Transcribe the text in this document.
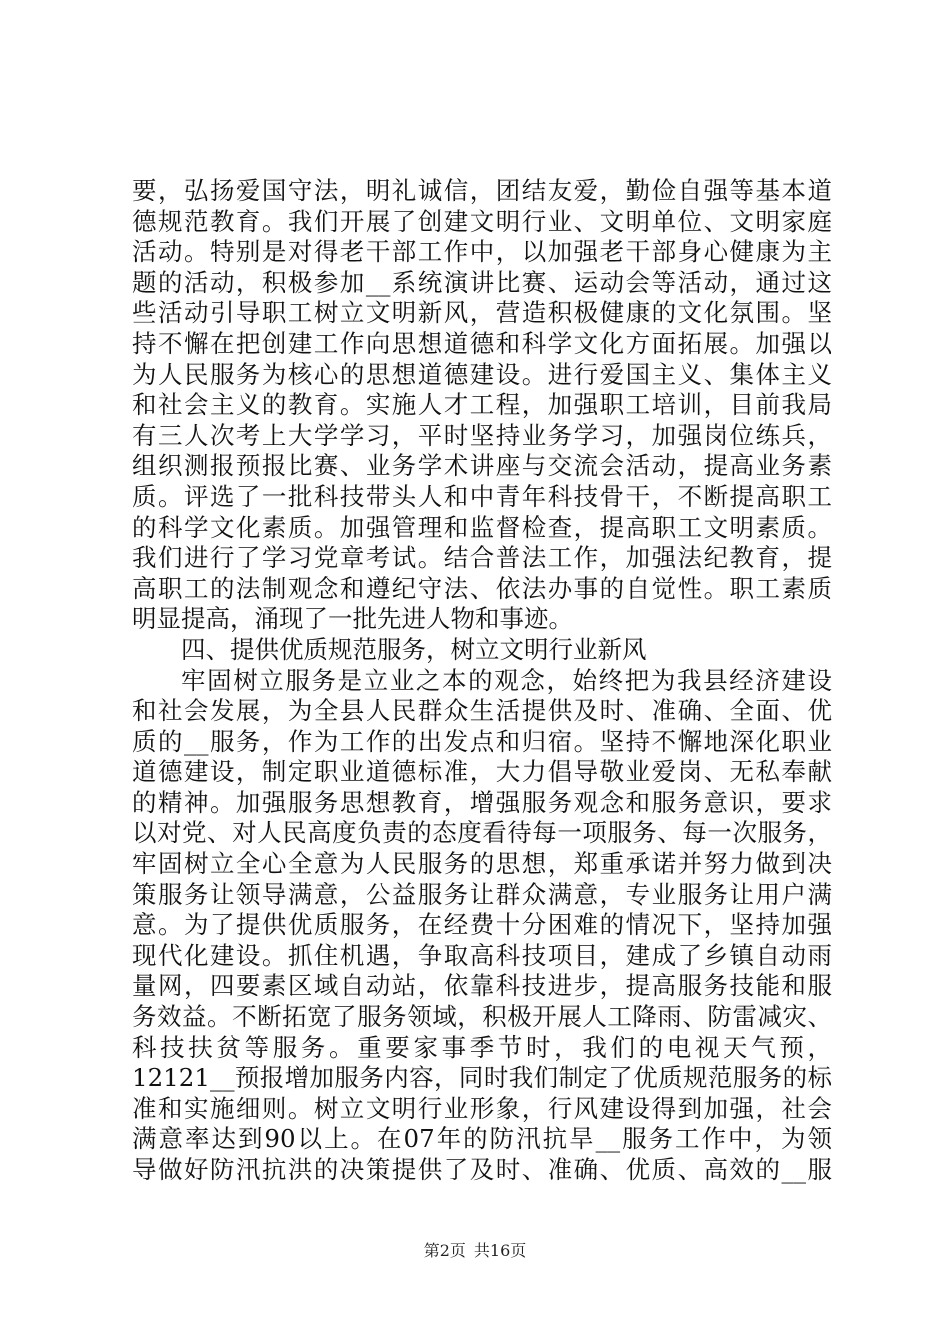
要，弘扬爱国守法，明礼诚信，团结友爱，勤俭自强等基本道
德规范教育。我们开展了创建文明行业、文明单位、文明家庭
活动。特别是对得老干部工作中，以加强老干部身心健康为主
题的活动，积极参加__系统演讲比赛、运动会等活动，通过这
些活动引导职工树立文明新风，营造积极健康的文化氛围。坚
持不懈在把创建工作向思想道德和科学文化方面拓展。加强以
为人民服务为核心的思想道德建设。进行爱国主义、集体主义
和社会主义的教育。实施人才工程，加强职工培训，目前我局
有三人次考上大学学习，平时坚持业务学习，加强岗位练兵，
组织测报预报比赛、业务学术讲座与交流会活动，提高业务素
质。评选了一批科技带头人和中青年科技骨干，不断提高职工
的科学文化素质。加强管理和监督检查，提高职工文明素质。
我们进行了学习党章考试。结合普法工作，加强法纪教育，提
高职工的法制观念和遵纪守法、依法办事的自觉性。职工素质
明显提高，涌现了一批先进人物和事迹。
四、提供优质规范服务，树立文明行业新风
牢固树立服务是立业之本的观念，始终把为我县经济建设
和社会发展，为全县人民群众生活提供及时、准确、全面、优
质的__服务，作为工作的出发点和归宿。坚持不懈地深化职业
道德建设，制定职业道德标准，大力倡导敬业爱岗、无私奉献
的精神。加强服务思想教育，增强服务观念和服务意识，要求
以对党、对人民高度负责的态度看待每一项服务、每一次服务，
牢固树立全心全意为人民服务的思想，郑重承诺并努力做到决
策服务让领导满意，公益服务让群众满意，专业服务让用户满
意。为了提供优质服务，在经费十分困难的情况下，坚持加强
现代化建设。抓住机遇，争取高科技项目，建成了乡镇自动雨
量网，四要素区域自动站，依靠科技进步，提高服务技能和服
务效益。不断拓宽了服务领域，积极开展人工降雨、防雷减灾、
科技扶贫等服务。重要家事季节时，我们的电视天气预，
12121__预报增加服务内容，同时我们制定了优质规范服务的标
准和实施细则。树立文明行业形象，行风建设得到加强，社会
满意率达到90以上。在07年的防汛抗旱__服务工作中，为领
导做好防汛抗洪的决策提供了及时、准确、优质、高效的__服
第2页 共16页
